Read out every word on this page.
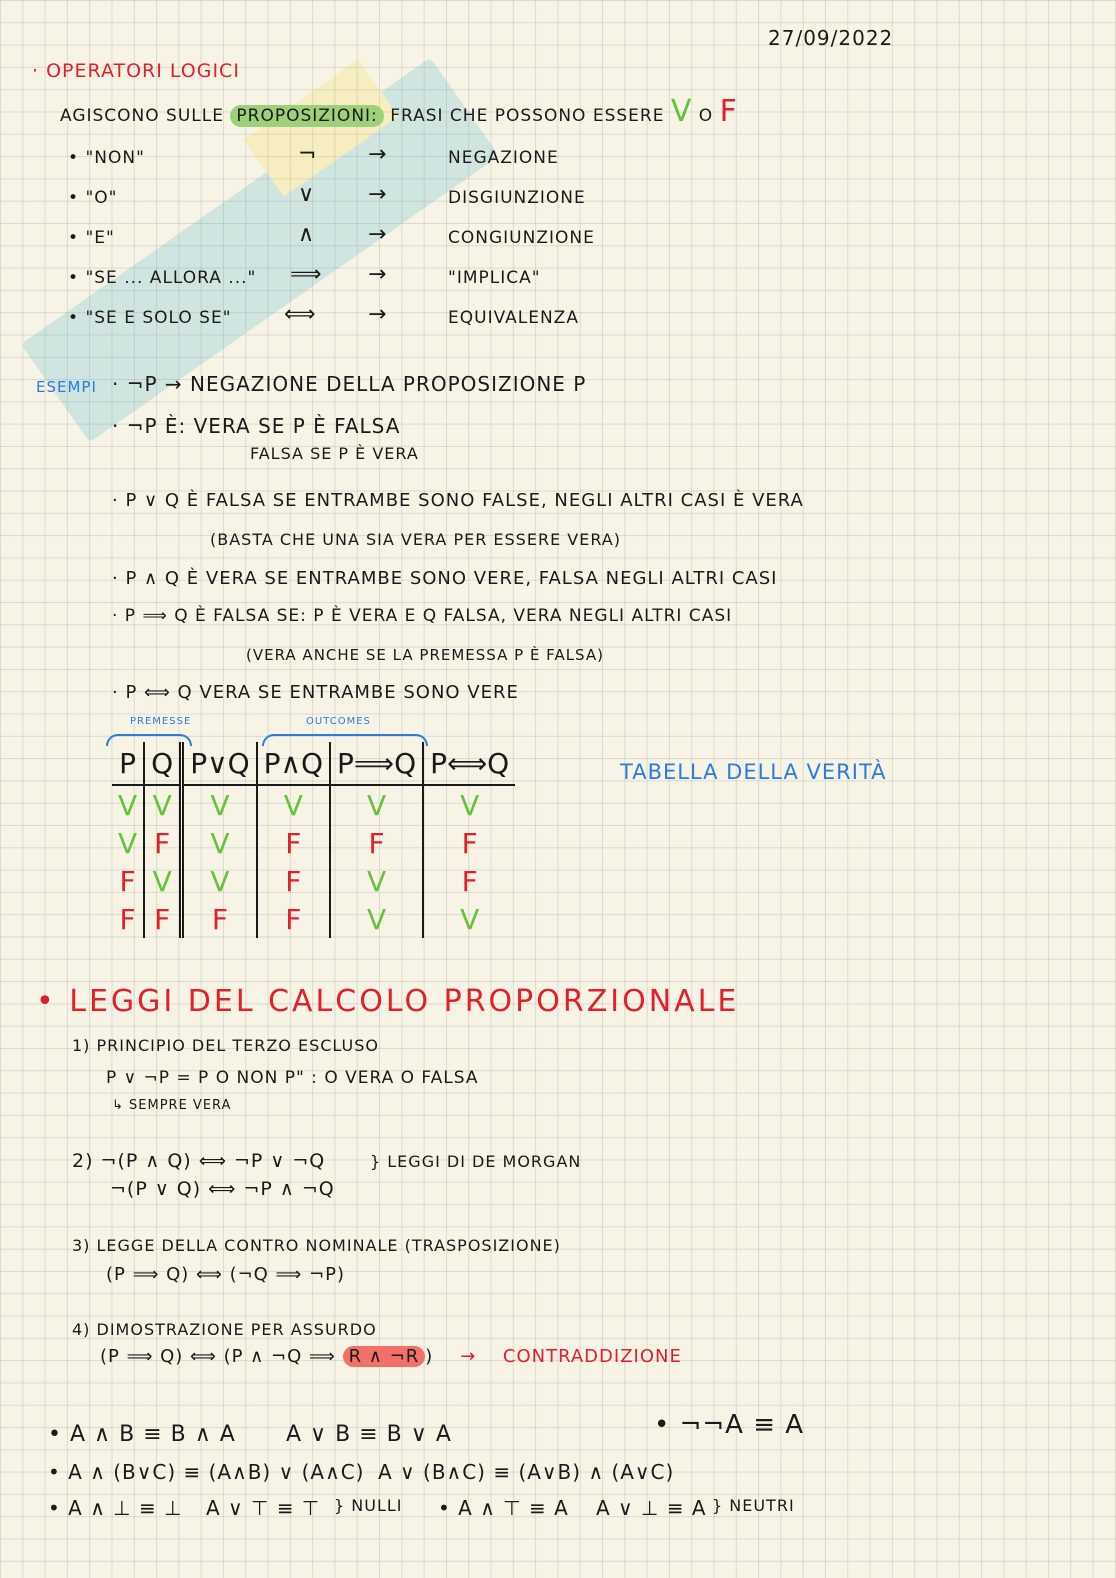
27/09/2022
· OPERATORI LOGICI
AGISCONO SULLE PROPOSIZIONI: FRASI CHE POSSONO ESSERE V O F
• "NON"	¬ →	NEGAZIONE
• "O"	∨ →	DISGIUNZIONE
• "E"	∧ →	CONGIUNZIONE
• "SE ... ALLORA ..." ⟹ →	"IMPLICA"
• "SE E SOLO SE" ⟺ →	EQUIVALENZA
ESEMPI · ¬P → NEGAZIONE DELLA PROPOSIZIONE P
· ¬P È: VERA SE P È FALSA
FALSA SE P È VERA
· P ∨ Q È FALSA SE ENTRAMBE SONO FALSE, NEGLI ALTRI CASI È VERA
(BASTA CHE UNA SIA VERA PER ESSERE VERA)
· P ∧ Q È VERA SE ENTRAMBE SONO VERE, FALSA NEGLI ALTRI CASI
· P ⟹ Q È FALSA SE: P È VERA E Q FALSA, VERA NEGLI ALTRI CASI
(VERA ANCHE SE LA PREMESSA P È FALSA)
· P ⟺ Q VERA SE ENTRAMBE SONO VERE
PREMESSE	OUTCOMES
P	Q	P∨Q	P∧Q	P⟹Q	P⟺Q
V	V	V	V	V	V
V	F	V	F	F	F
F	V	V	F	V	F
F	F	F	F	V	V
TABELLA DELLA VERITÀ
• LEGGI DEL CALCOLO PROPORZIONALE
1) PRINCIPIO DEL TERZO ESCLUSO
P ∨ ¬P = P O NON P" : O VERA O FALSA
↳ SEMPRE VERA
2) ¬(P ∧ Q) ⟺ ¬P ∨ ¬Q
¬(P ∨ Q) ⟺ ¬P ∧ ¬Q
} LEGGI DI DE MORGAN
3) LEGGE DELLA CONTRO NOMINALE (TRASPOSIZIONE)
(P ⟹ Q) ⟺ (¬Q ⟹ ¬P)
4) DIMOSTRAZIONE PER ASSURDO
(P ⟹ Q) ⟺ (P ∧ ¬Q ⟹ R ∧ ¬R ) → CONTRADDIZIONE
• A ∧ B ≡ B ∧ A A ∨ B ≡ B ∨ A	• ¬¬A ≡ A
• A ∧ (B∨C) ≡ (A∧B) ∨ (A∧C) A ∨ (B∧C) ≡ (A∨B) ∧ (A∨C)
• A ∧ ⊥ ≡ ⊥ A ∨ ⊤ ≡ ⊤ } NULLI • A ∧ ⊤ ≡ A A ∨ ⊥ ≡ A } NEUTRI
